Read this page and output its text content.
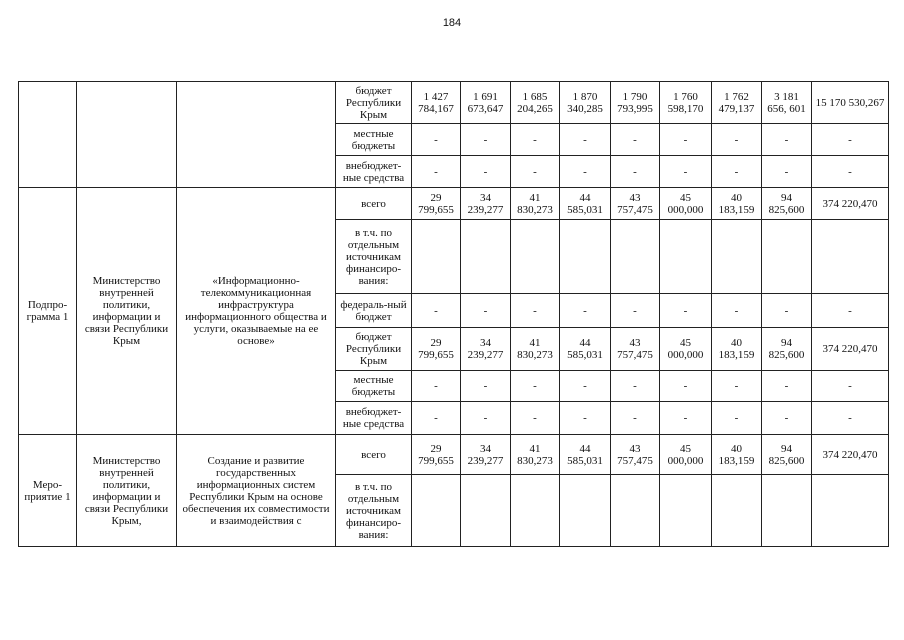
184
			бюджет Республики Крым	1 427 784,167	1 691 673,647	1 685 204,265	1 870 340,285	1 790 793,995	1 760 598,170	1 762 479,137	3 181 656, 601	15 170 530,267
			местные бюджеты	-	-	-	-	-	-	-	-	-
			внебюджет-ные средства	-	-	-	-	-	-	-	-	-
Подпро-грамма 1	Министерство внутренней политики, информации и связи Республики Крым	«Информационно-телекоммуникационная инфраструктура информационного общества и услуги, оказываемые на ее основе»	всего	29 799,655	34 239,277	41 830,273	44 585,031	43 757,475	45 000,000	40 183,159	94 825,600	374 220,470
			в т.ч. по отдельным источникам финансиро-вания:									
			федераль-ный бюджет	-	-	-	-	-	-	-	-	-
			бюджет Республики Крым	29 799,655	34 239,277	41 830,273	44 585,031	43 757,475	45 000,000	40 183,159	94 825,600	374 220,470
			местные бюджеты	-	-	-	-	-	-	-	-	-
			внебюджет-ные средства	-	-	-	-	-	-	-	-	-
Меро-приятие 1	Министерство внутренней политики, информации и связи Республики Крым,	Создание и развитие государственных информационных систем Республики Крым на основе обеспечения их совместимости и взаимодействия с	всего	29 799,655	34 239,277	41 830,273	44 585,031	43 757,475	45 000,000	40 183,159	94 825,600	374 220,470
			в т.ч. по отдельным источникам финансиро-вания:									
